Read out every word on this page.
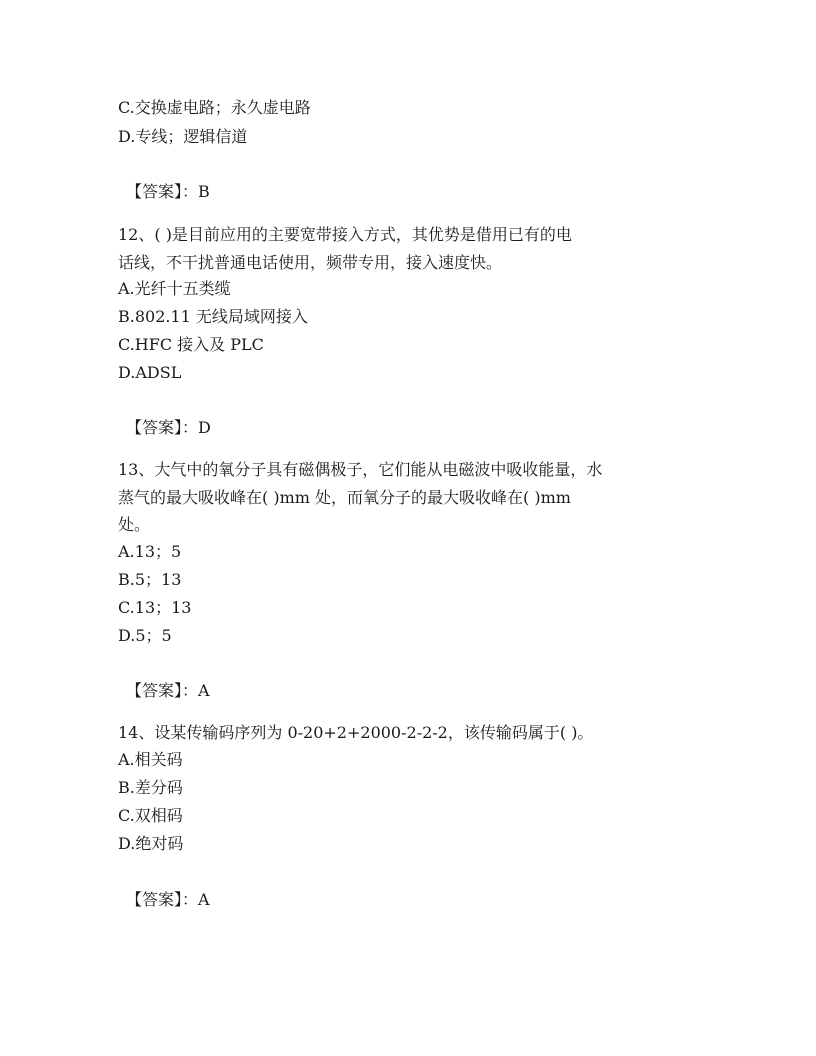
C.交换虚电路；永久虚电路
D.专线；逻辑信道
【答案】：B
12、( )是目前应用的主要宽带接入方式，其优势是借用已有的电
话线，不干扰普通电话使用，频带专用，接入速度快。
A.光纤十五类缆
B.802.11 无线局域网接入
C.HFC 接入及 PLC
D.ADSL
【答案】：D
13、大气中的氧分子具有磁偶极子，它们能从电磁波中吸收能量，水
蒸气的最大吸收峰在( )mm 处，而氧分子的最大吸收峰在( )mm
处。
A.13；5
B.5；13
C.13；13
D.5；5
【答案】：A
14、设某传输码序列为 0-20+2+2000-2-2-2，该传输码属于( )。
A.相关码
B.差分码
C.双相码
D.绝对码
【答案】：A
